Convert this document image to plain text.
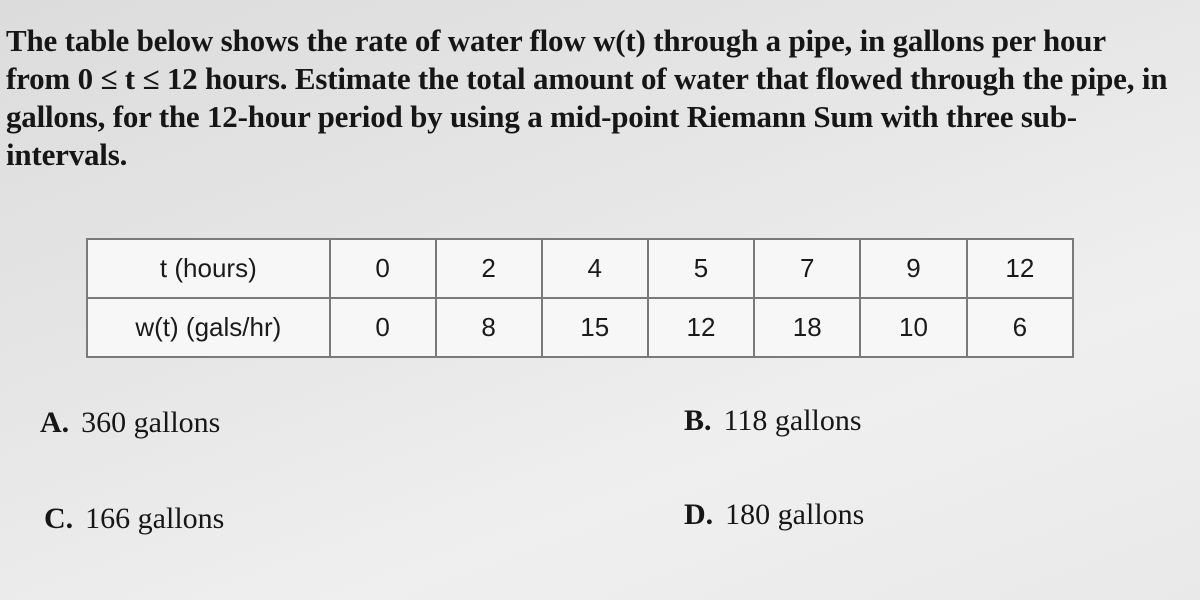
The table below shows the rate of water flow w(t) through a pipe, in gallons per hour from 0 ≤ t ≤ 12 hours. Estimate the total amount of water that flowed through the pipe, in gallons, for the 12-hour period by using a mid-point Riemann Sum with three sub-intervals.

t (hours)	0	2	4	5	7	9	12
w(t) (gals/hr)	0	8	15	12	18	10	6
A. 360 gallons	B. 118 gallons
C. 166 gallons	D. 180 gallons
